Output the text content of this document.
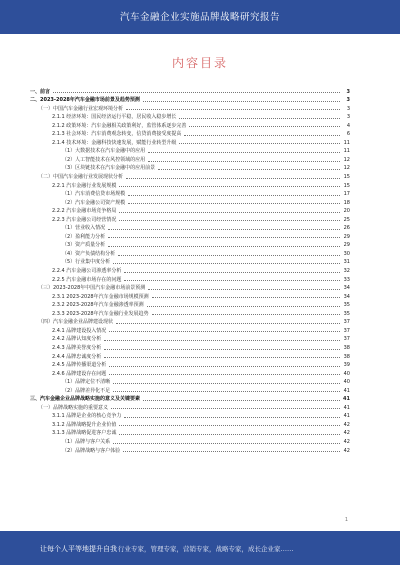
汽车金融企业实施品牌战略研究报告
内容目录
一、前言	3
二、2023-2028年汽车金融市场前景及趋势预测	3
（一）中国汽车金融行业宏观环境分析	3
2.1.1 经济环境：国民经济运行平稳，居民收入稳步增长	3
2.1.2 政策环境：汽车金融相关政策利好，监管体系逐步完善	4
2.1.3 社会环境：汽车消费观念转变，信贷消费接受度提高	6
2.1.4 技术环境：金融科技快速发展，赋能行业转型升级	11
（1）大数据技术在汽车金融中的应用	11
（2）人工智能技术在风控领域的应用	12
（3）区块链技术在汽车金融中的应用前景	12
（二）中国汽车金融行业发展现状分析	15
2.2.1 汽车金融行业发展规模	15
（1）汽车消费信贷市场规模	17
（2）汽车金融公司资产规模	18
2.2.2 汽车金融市场竞争格局	20
2.2.3 汽车金融公司经营情况	25
（1）营业收入情况	26
（2）盈利能力分析	29
（3）资产质量分析	29
（4）资产负债结构分析	30
（5）行业集中度分析	31
2.2.4 汽车金融公司渗透率分析	32
2.2.5 汽车金融市场存在的问题	33
（三）2023-2028年中国汽车金融市场前景预测	34
2.3.1 2023-2028年汽车金融市场规模预测	34
2.3.2 2023-2028年汽车金融渗透率预测	35
2.3.3 2023-2028年汽车金融行业发展趋势	35
（四）汽车金融企业品牌建设现状	37
2.4.1 品牌建设投入情况	37
2.4.2 品牌认知度分析	37
2.4.3 品牌美誉度分析	38
2.4.4 品牌忠诚度分析	38
2.4.5 品牌传播渠道分析	39
2.4.6 品牌建设存在问题	40
（1）品牌定位不清晰	40
（2）品牌差异化不足	41
三、汽车金融企业品牌战略实施的意义及关键要素	41
（一）品牌战略实施的重要意义	41
3.1.1 品牌是企业的核心竞争力	41
3.1.2 品牌战略提升企业价值	42
3.1.3 品牌战略促进客户忠诚	42
（1）品牌与客户关系	42
（2）品牌战略与客户体验	42
1
让每个人平等地提升自我 行业专家，管理专家，营销专家，战略专家，成长企业家……
